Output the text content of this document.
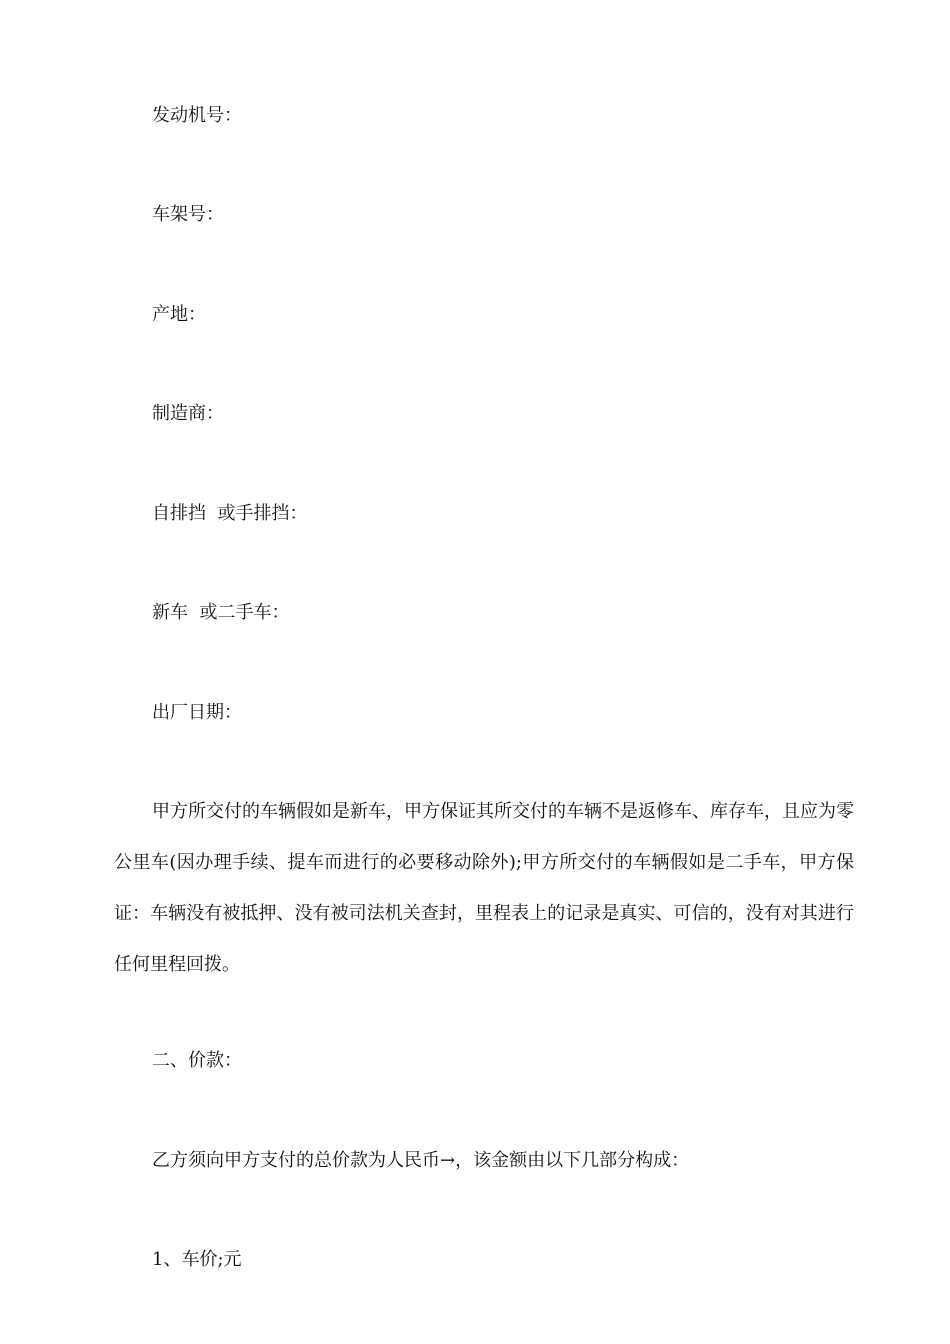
发动机号：
车架号：
产地：
制造商：
自排挡  或手排挡：
新车  或二手车：
出厂日期：

甲方所交付的车辆假如是新车，甲方保证其所交付的车辆不是返修车、库存车，且应为零公里车(因办理手续、提车而进行的必要移动除外);甲方所交付的车辆假如是二手车，甲方保证：车辆没有被抵押、没有被司法机关查封，里程表上的记录是真实、可信的，没有对其进行任何里程回拨。

二、价款：
乙方须向甲方支付的总价款为人民币→，该金额由以下几部分构成：
1、车价;元
